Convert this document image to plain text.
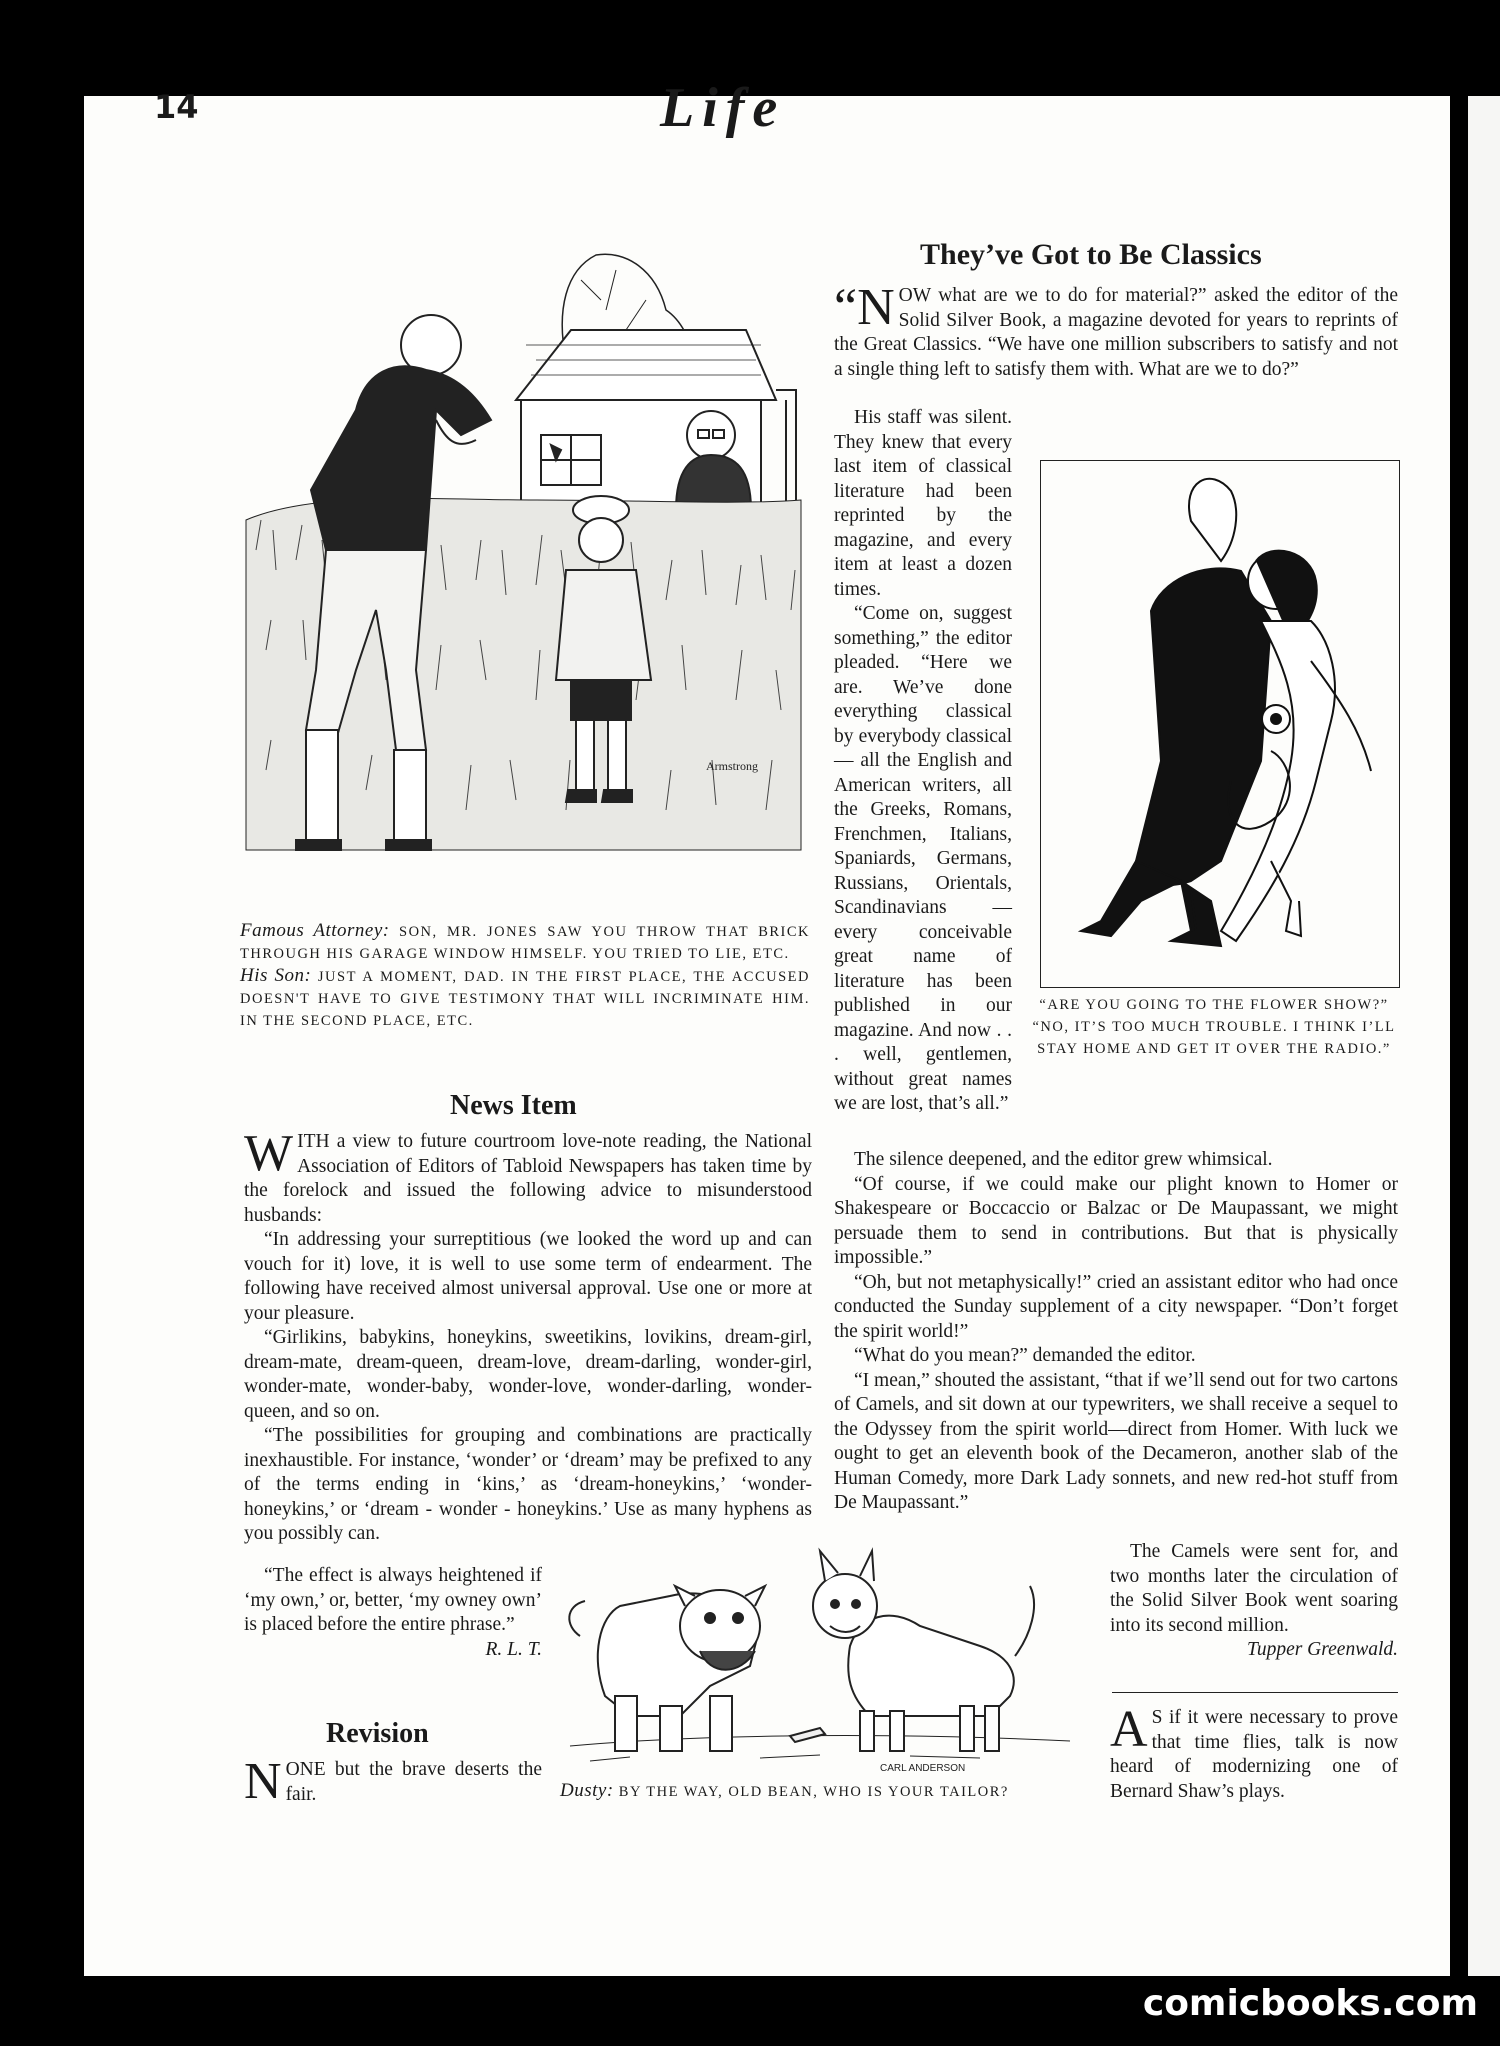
14	Life
Armstrong

Famous Attorney: SON, MR. JONES SAW YOU THROW THAT BRICK THROUGH HIS GARAGE WINDOW HIMSELF. YOU TRIED TO LIE, ETC.

His Son: JUST A MOMENT, DAD. IN THE FIRST PLACE, THE ACCUSED DOESN'T HAVE TO GIVE TESTIMONY THAT WILL INCRIMINATE HIM. IN THE SECOND PLACE, ETC.

News Item

WITH a view to future courtroom love-note reading, the National Association of Editors of Tabloid Newspapers has taken time by the forelock and issued the following advice to misunderstood husbands:

“In addressing your surreptitious (we looked the word up and can vouch for it) love, it is well to use some term of endearment. The following have received almost universal approval. Use one or more at your pleasure.

“Girlikins, babykins, honeykins, sweetikins, lovikins, dream-girl, dream-mate, dream-queen, dream-love, dream-darling, wonder-girl, wonder-mate, wonder-baby, wonder-love, wonder-darling, wonder-queen, and so on.

“The possibilities for grouping and combinations are practically inexhaustible. For instance, ‘wonder’ or ‘dream’ may be prefixed to any of the terms ending in ‘kins,’ as ‘dream-honeykins,’ ‘wonder-honeykins,’ or ‘dream - wonder - honeykins.’ Use as many hyphens as you possibly can.

“The effect is always heightened if ‘my own,’ or, better, ‘my owney own’ is placed before the entire phrase.”

R. L. T.

Revision

NONE but the brave deserts the fair.

CARL ANDERSON

Dusty: BY THE WAY, OLD BEAN, WHO IS YOUR TAILOR?

They’ve Got to Be Classics

“NOW what are we to do for material?” asked the editor of the Solid Silver Book, a magazine devoted for years to reprints of the Great Classics. “We have one million subscribers to satisfy and not a single thing left to satisfy them with. What are we to do?”

His staff was silent. They knew that every last item of classical literature had been reprinted by the magazine, and every item at least a dozen times.

“Come on, suggest something,” the editor pleaded. “Here we are. We’ve done everything classical by everybody classical — all the English and American writers, all the Greeks, Romans, Frenchmen, Italians, Spaniards, Germans, Russians, Orientals, Scandinavians — every conceivable great name of literature has been published in our magazine. And now . . . well, gentlemen, without great names we are lost, that’s all.”

“ARE YOU GOING TO THE FLOWER SHOW?”

“NO, IT’S TOO MUCH TROUBLE. I THINK I’LL STAY HOME AND GET IT OVER THE RADIO.”

The silence deepened, and the editor grew whimsical.

“Of course, if we could make our plight known to Homer or Shakespeare or Boccaccio or Balzac or De Maupassant, we might persuade them to send in contributions. But that is physically impossible.”

“Oh, but not metaphysically!” cried an assistant editor who had once conducted the Sunday supplement of a city newspaper. “Don’t forget the spirit world!”

“What do you mean?” demanded the editor.

“I mean,” shouted the assistant, “that if we’ll send out for two cartons of Camels, and sit down at our typewriters, we shall receive a sequel to the Odyssey from the spirit world—direct from Homer. With luck we ought to get an eleventh book of the Decameron, another slab of the Human Comedy, more Dark Lady sonnets, and new red-hot stuff from De Maupassant.”

The Camels were sent for, and two months later the circulation of the Solid Silver Book went soaring into its second million.

Tupper Greenwald.

A S if it were necessary to prove that time flies, talk is now heard of modernizing one of Bernard Shaw’s plays.

comicbooks.com
